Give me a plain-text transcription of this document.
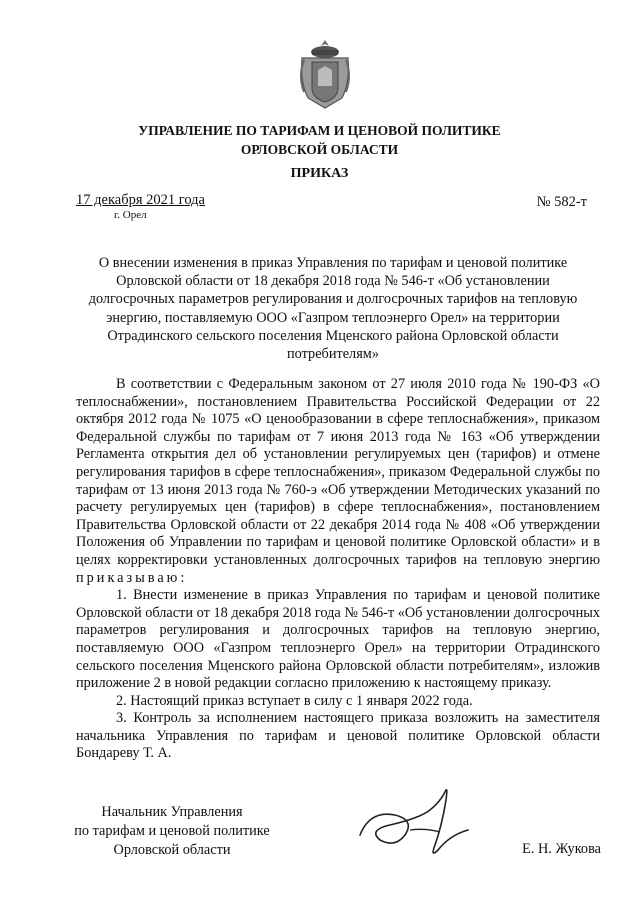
УПРАВЛЕНИЕ ПО ТАРИФАМ И ЦЕНОВОЙ ПОЛИТИКЕ
ОРЛОВСКОЙ ОБЛАСТИ
ПРИКАЗ
17 декабря 2021 года
г. Орел
№ 582-т
О внесении изменения в приказ Управления по тарифам и ценовой политике
Орловской области от 18 декабря 2018 года № 546-т «Об установлении
долгосрочных параметров регулирования и долгосрочных тарифов на тепловую
энергию, поставляемую ООО «Газпром теплоэнерго Орел» на территории
Отрадинского сельского поселения Мценского района Орловской области
потребителям»

В соответствии с Федеральным законом от 27 июля 2010 года № 190-ФЗ «О теплоснабжении», постановлением Правительства Российской Федерации от 22 октября 2012 года № 1075 «О ценообразовании в сфере теплоснабжения», приказом Федеральной службы по тарифам от 7 июня 2013 года № 163 «Об утверждении Регламента открытия дел об установлении регулируемых цен (тарифов) и отмене регулирования тарифов в сфере теплоснабжения», приказом Федеральной службы по тарифам от 13 июня 2013 года № 760-э «Об утверждении Методических указаний по расчету регулируемых цен (тарифов) в сфере теплоснабжения», постановлением Правительства Орловской области от 22 декабря 2014 года № 408 «Об утверждении Положения об Управлении по тарифам и ценовой политике Орловской области» и в целях корректировки установленных долгосрочных тарифов на тепловую энергию приказываю:

1. Внести изменение в приказ Управления по тарифам и ценовой политике Орловской области от 18 декабря 2018 года № 546-т «Об установлении долгосрочных параметров регулирования и долгосрочных тарифов на тепловую энергию, поставляемую ООО «Газпром теплоэнерго Орел» на территории Отрадинского сельского поселения Мценского района Орловской области потребителям», изложив приложение 2 в новой редакции согласно приложению к настоящему приказу.

2. Настоящий приказ вступает в силу с 1 января 2022 года.

3. Контроль за исполнением настоящего приказа возложить на заместителя начальника Управления по тарифам и ценовой политике Орловской области Бондареву Т. А.

Начальник Управления
по тарифам и ценовой политике
Орловской области	Е. Н. Жукова
